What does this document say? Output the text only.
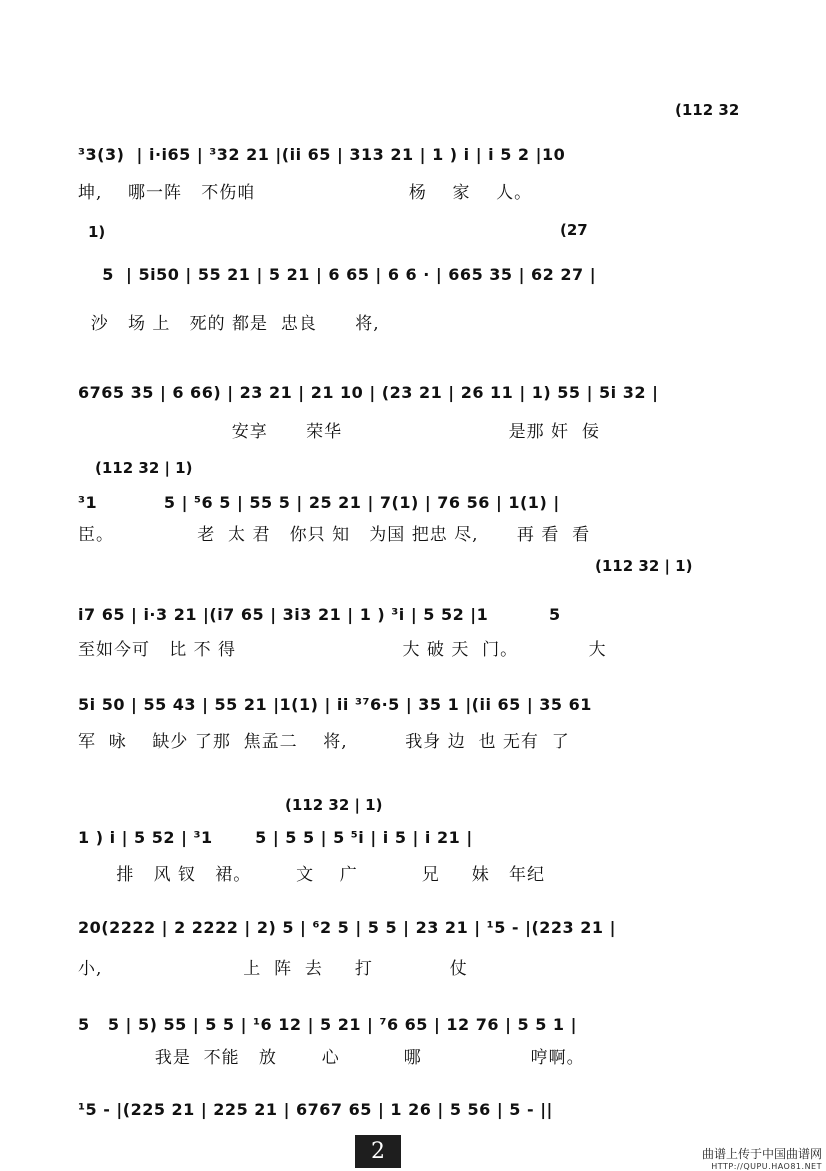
(112 32
³3(3)  | i·i65 | ³32 21 |(ii 65 | 313 21 | 1 ) i | i 5 2 |10
坤,    哪一阵   不伤咱                        杨    家    人。
1)	(27
5  | 5i50 | 55 21 | 5 21 | 6 65 | 6 6 · | 665 35 | 62 27 |
沙   场 上   死的 都是  忠良      将,
6765 35 | 6 66) | 23 21 | 21 10 | (23 21 | 26 11 | 1) 55 | 5i 32 |
安享      荣华                          是那 奸  佞
(112 32 | 1)
³1           5 | ⁵6 5 | 55 5 | 25 21 | 7(1) | 76 56 | 1(1) |
臣。             老  太 君   你只 知   为国 把忠 尽,      再 看  看
(112 32 | 1)
i7 65 | i·3 21 |(i7 65 | 3i3 21 | 1 ) ³i | 5 52 |1          5
至如今可   比 不 得                          大 破 天  门。           大
5i 50 | 55 43 | 55 21 |1(1) | ii ³⁷6·5 | 35 1 |(ii 65 | 35 61
军  咏    缺少 了那  焦孟二    将,         我身 边  也 无有  了
(112 32 | 1)
1 ) i | 5 52 | ³1       5 | 5 5 | 5 ⁵i | i 5 | i 21 |
排   风 钗   裙。       文    广          兄     妹   年纪
20(2222 | 2 2222 | 2) 5 | ⁶2 5 | 5 5 | 23 21 | ¹5 - |(223 21 |
小,                      上  阵  去     打            仗
5   5 | 5) 55 | 5 5 | ¹6 12 | 5 21 | ⁷6 65 | 12 76 | 5 5 1 |
我是  不能   放       心          哪                 哼啊。
¹5 - |(225 21 | 225 21 | 6767 65 | 1 26 | 5 56 | 5 - ||
2	曲谱上传于中国曲谱网
HTTP://QUPU.HAO81.NET
